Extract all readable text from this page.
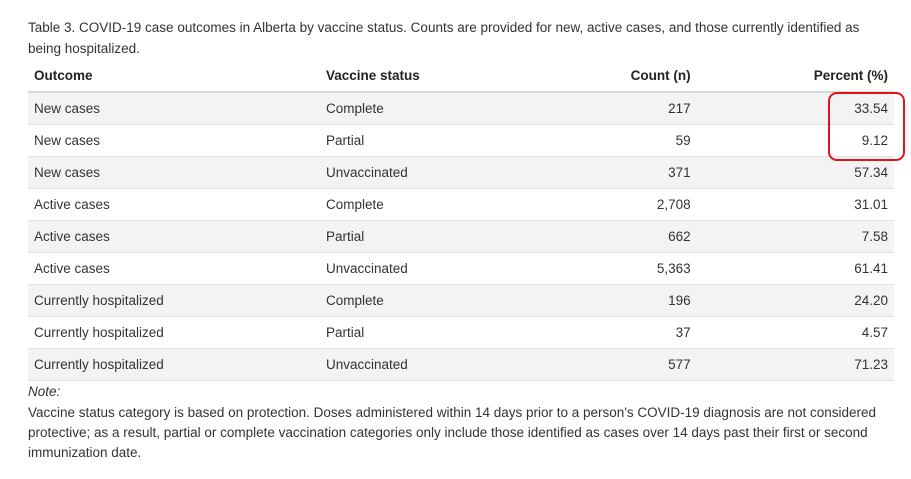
Table 3. COVID-19 case outcomes in Alberta by vaccine status. Counts are provided for new, active cases, and those currently identified as being hospitalized.
Outcome	Vaccine status	Count (n)	Percent (%)
New cases	Complete	217	33.54
New cases	Partial	59	9.12
New cases	Unvaccinated	371	57.34
Active cases	Complete	2,708	31.01
Active cases	Partial	662	7.58
Active cases	Unvaccinated	5,363	61.41
Currently hospitalized	Complete	196	24.20
Currently hospitalized	Partial	37	4.57
Currently hospitalized	Unvaccinated	577	71.23
Note:
Vaccine status category is based on protection. Doses administered within 14 days prior to a person's COVID-19 diagnosis are not considered protective; as a result, partial or complete vaccination categories only include those identified as cases over 14 days past their first or second immunization date.
